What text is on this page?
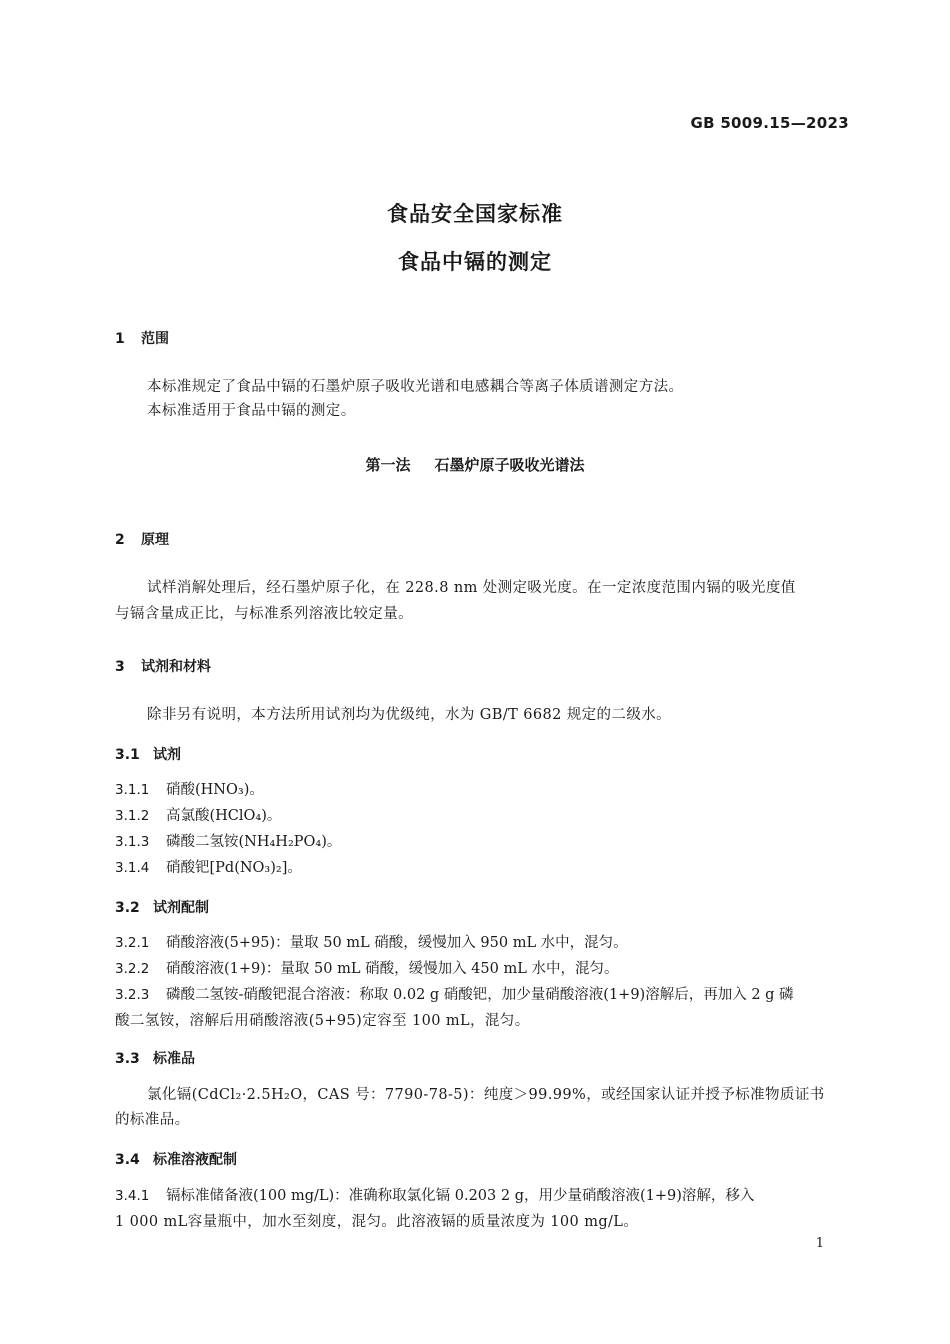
GB 5009.15—2023
食品安全国家标准
食品中镉的测定
1 范围
本标准规定了食品中镉的石墨炉原子吸收光谱和电感耦合等离子体质谱测定方法。
本标准适用于食品中镉的测定。
第一法 石墨炉原子吸收光谱法
2 原理
试样消解处理后，经石墨炉原子化，在 228.8 nm 处测定吸光度。在一定浓度范围内镉的吸光度值
与镉含量成正比，与标准系列溶液比较定量。
3 试剂和材料
除非另有说明，本方法所用试剂均为优级纯，水为 GB/T 6682 规定的二级水。
3.1 试剂
3.1.1 硝酸(HNO₃)。
3.1.2 高氯酸(HClO₄)。
3.1.3 磷酸二氢铵(NH₄H₂PO₄)。
3.1.4 硝酸钯[Pd(NO₃)₂]。
3.2 试剂配制
3.2.1 硝酸溶液(5+95)：量取 50 mL 硝酸，缓慢加入 950 mL 水中，混匀。
3.2.2 硝酸溶液(1+9)：量取 50 mL 硝酸，缓慢加入 450 mL 水中，混匀。
3.2.3 磷酸二氢铵-硝酸钯混合溶液：称取 0.02 g 硝酸钯，加少量硝酸溶液(1+9)溶解后，再加入 2 g 磷
酸二氢铵，溶解后用硝酸溶液(5+95)定容至 100 mL，混匀。
3.3 标准品
氯化镉(CdCl₂·2.5H₂O，CAS 号：7790-78-5)：纯度＞99.99%，或经国家认证并授予标准物质证书
的标准品。
3.4 标准溶液配制
3.4.1 镉标准储备液(100 mg/L)：准确称取氯化镉 0.203 2 g，用少量硝酸溶液(1+9)溶解，移入
1 000 mL容量瓶中，加水至刻度，混匀。此溶液镉的质量浓度为 100 mg/L。
1
